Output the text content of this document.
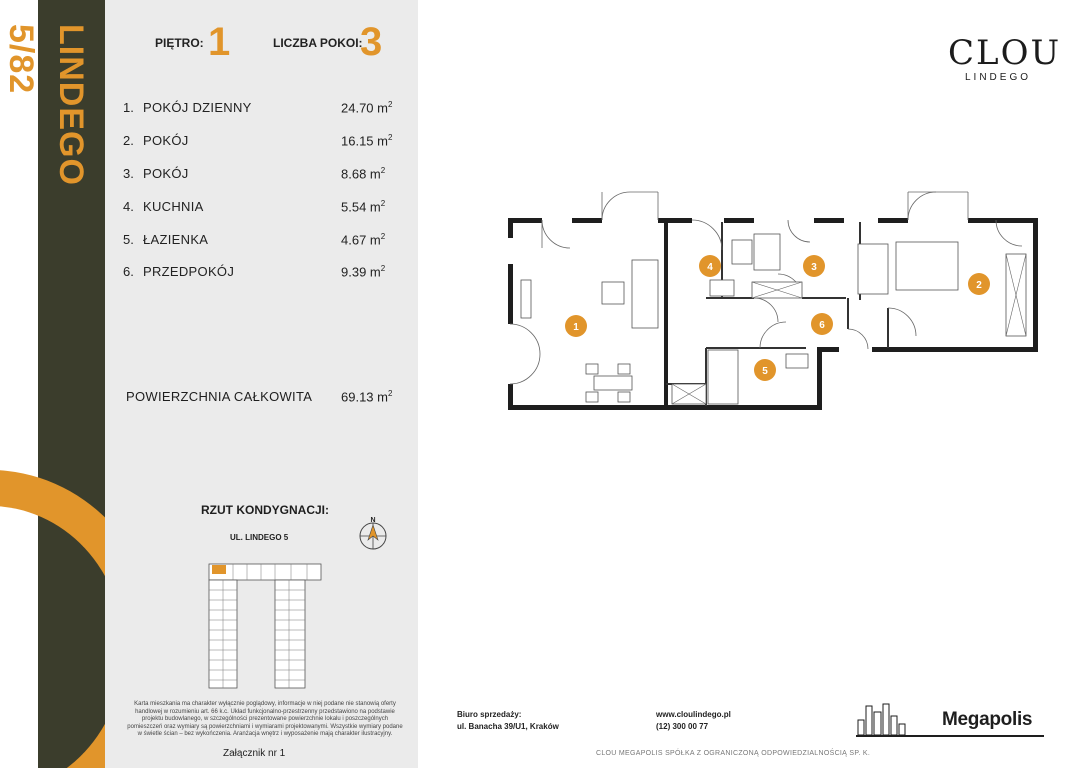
LINDEGO 5/82	PIĘTRO: 1	LICZBA POKOI:
3
1. POKÓJ DZIENNY	24.70 $m^2$
2. POKÓJ	16.15 $m^2$
3. POKÓJ	8.68 $m^2$
4. KUCHNIA	5.54 $m^2$
5. ŁAZIENKA	4.67 $m^2$
6. PRZEDPOKÓJ	9.39 $m^2$
POWIERZCHNIA CAŁKOWITA 69.13 $m^2$
RZUT KONDYGNACJI:
UL. LINDEGO 5
N

Karta mieszkania ma charakter wyłącznie poglądowy, informacje w niej podane nie stanowią oferty handlowej w rozumieniu art. 66 k.c. Układ funkcjonalno-przestrzenny przedstawiono na podstawie projektu budowlanego, w szczególności prezentowane powierzchnie lokalu i poszczególnych pomieszczeń oraz wymiary są powierzchniami i wymiarami projektowanymi. Wszystkie wymiary podane w świetle ścian – bez wykończenia. Aranżacja wnętrz i wyposażenie mają charakter ilustracyjny.

Załącznik nr 1
CLOU
LINDEGO
1
2
3
4
5
6
Biuro sprzedaży:
ul. Banacha 39/U1, Kraków
www.cloulindego.pl
(12) 300 00 77	Megapolis
CLOU MEGAPOLIS SPÓŁKA Z OGRANICZONĄ ODPOWIEDZIALNOŚCIĄ SP. K.
